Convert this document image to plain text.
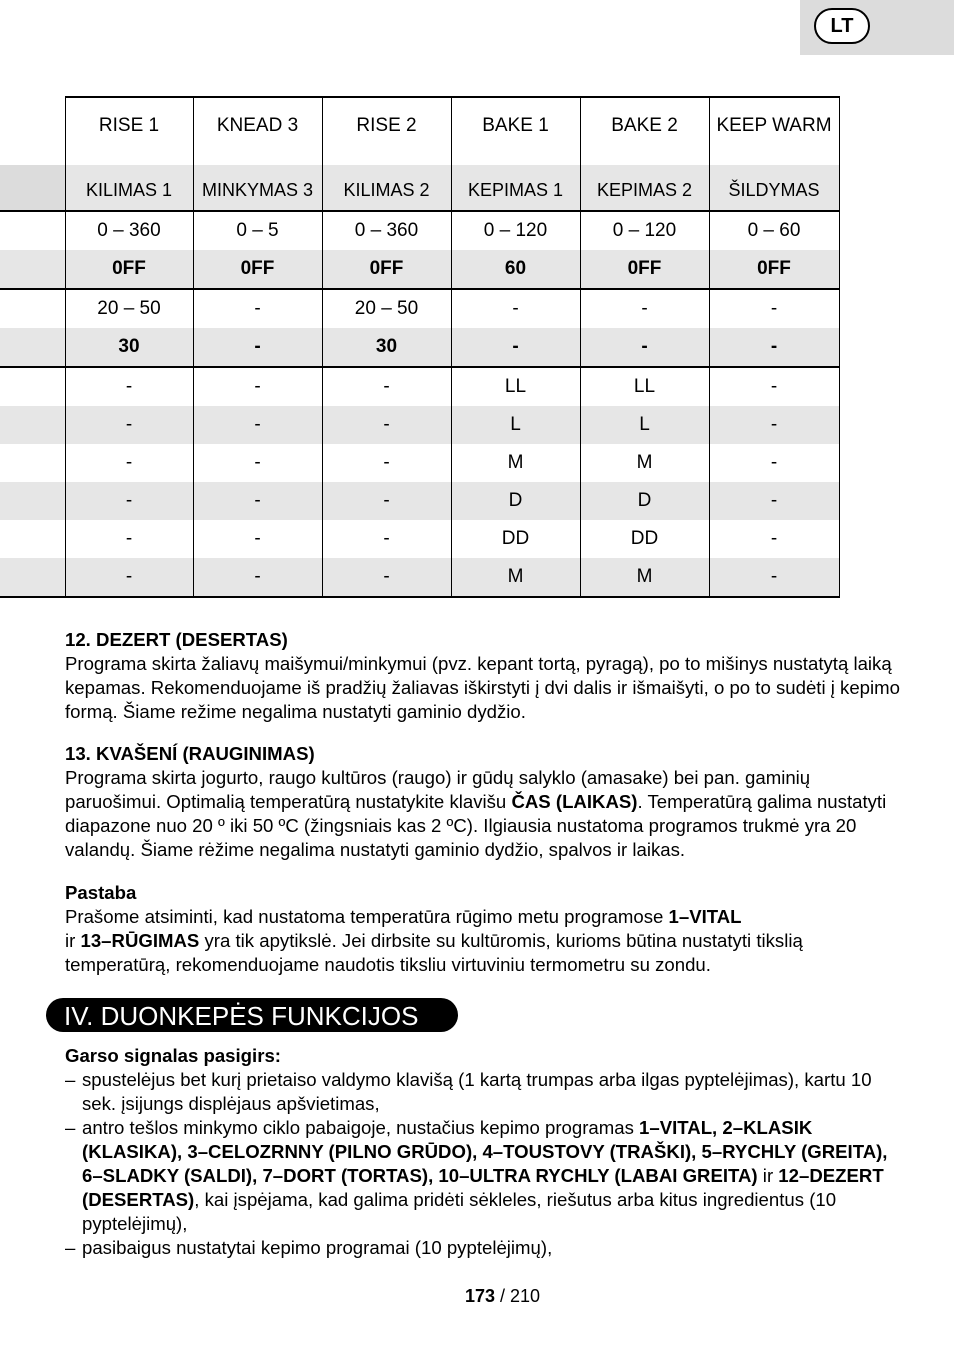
LT
	RISE 1	KNEAD 3	RISE 2	BAKE 1	BAKE 2	KEEP WARM
	KILIMAS 1	MINKYMAS 3	KILIMAS 2	KEPIMAS 1	KEPIMAS 2	ŠILDYMAS
	0 – 360	0 – 5	0 – 360	0 – 120	0 – 120	0 – 60
	0FF	0FF	0FF	60	0FF	0FF
	20 – 50	-	20 – 50	-	-	-
	30	-	30	-	-	-
	-	-	-	LL	LL	-
	-	-	-	L	L	-
	-	-	-	M	M	-
	-	-	-	D	D	-
	-	-	-	DD	DD	-
	-	-	-	M	M	-

12. DEZERT (DESERTAS)

Programa skirta žaliavų maišymui/minkymui (pvz. kepant tortą, pyragą), po to mišinys nustatytą laiką kepamas. Rekomenduojame iš pradžių žaliavas iškirstyti į dvi dalis ir išmaišyti, o po to sudėti į kepimo formą. Šiame režime negalima nustatyti gaminio dydžio.

13. KVAŠENÍ (RAUGINIMAS)

Programa skirta jogurto, raugo kultūros (raugo) ir gūdų salyklo (amasake) bei pan. gaminių paruošimui. Optimalią temperatūrą nustatykite klavišu ČAS (LAIKAS). Temperatūrą galima nustatyti diapazone nuo 20 º iki 50 ºC (žingsniais kas 2 ºC). Ilgiausia nustatoma programos trukmė yra 20 valandų. Šiame rėžime negalima nustatyti gaminio dydžio, spalvos ir laikas.

Pastaba

Prašome atsiminti, kad nustatoma temperatūra rūgimo metu programose 1–VITAL
ir 13–RŪGIMAS yra tik apytikslė. Jei dirbsite su kultūromis, kurioms būtina nustatyti tikslią temperatūrą, rekomenduojame naudotis tiksliu virtuviniu termometru su zondu.

IV. DUONKEPĖS FUNKCIJOS

Garso signalas pasigirs:

– spustelėjus bet kurį prietaiso valdymo klavišą (1 kartą trumpas arba ilgas pyptelėjimas), kartu 10 sek. įsijungs displėjaus apšvietimas,
– antro tešlos minkymo ciklo pabaigoje, nustačius kepimo programas 1–VITAL, 2–KLASIK (KLASIKA), 3–CELOZRNNY (PILNO GRŪDO), 4–TOUSTOVY (TRAŠKI), 5–RYCHLY (GREITA), 6–SLADKY (SALDI), 7–DORT (TORTAS), 10–ULTRA RYCHLY (LABAI GREITA) ir 12–DEZERT (DESERTAS), kai įspėjama, kad galima pridėti sėkleles, riešutus arba kitus ingredientus (10 pyptelėjimų),
– pasibaigus nustatytai kepimo programai (10 pyptelėjimų),
173 / 210
